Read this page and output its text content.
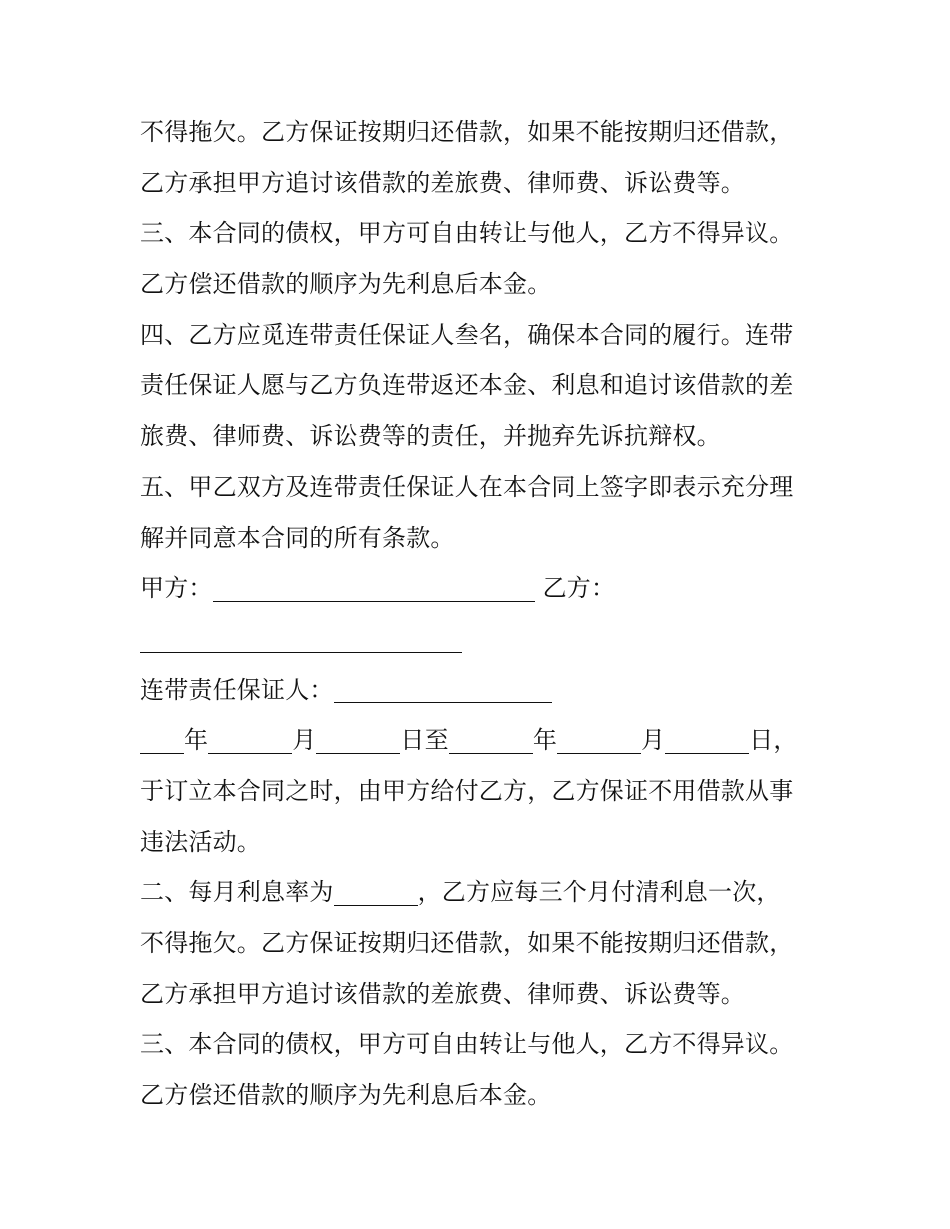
不得拖欠。乙方保证按期归还借款，如果不能按期归还借款，
乙方承担甲方追讨该借款的差旅费、律师费、诉讼费等。
三、本合同的债权，甲方可自由转让与他人，乙方不得异议。
乙方偿还借款的顺序为先利息后本金。
四、乙方应觅连带责任保证人叁名，确保本合同的履行。连带
责任保证人愿与乙方负连带返还本金、利息和追讨该借款的差
旅费、律师费、诉讼费等的责任，并抛弃先诉抗辩权。
五、甲乙双方及连带责任保证人在本合同上签字即表示充分理
解并同意本合同的所有条款。
甲方：	乙方：
连带责任保证人：
年	月	日至	年	月	日，
于订立本合同之时，由甲方给付乙方，乙方保证不用借款从事
违法活动。
二、每月利息率为	，乙方应每三个月付清利息一次，
不得拖欠。乙方保证按期归还借款，如果不能按期归还借款，
乙方承担甲方追讨该借款的差旅费、律师费、诉讼费等。
三、本合同的债权，甲方可自由转让与他人，乙方不得异议。
乙方偿还借款的顺序为先利息后本金。
